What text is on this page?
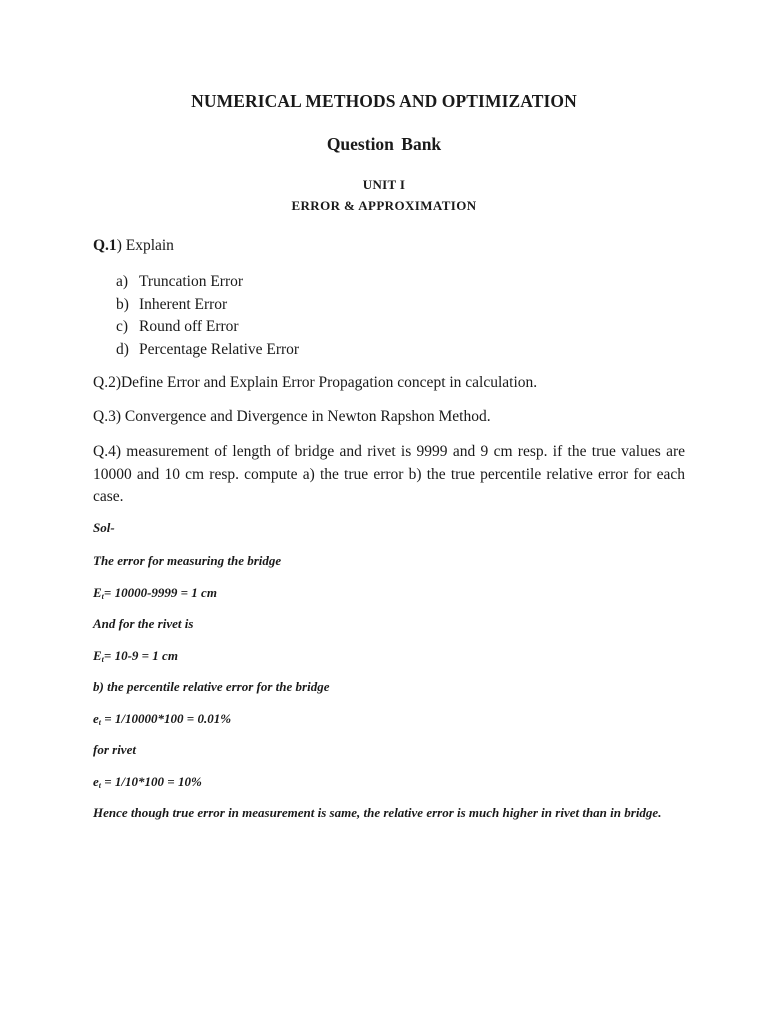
NUMERICAL METHODS AND OPTIMIZATION
Question Bank
UNIT I
ERROR & APPROXIMATION
Q.1) Explain
a) Truncation Error
b) Inherent Error
c) Round off Error
d) Percentage Relative Error
Q.2)Define Error and Explain Error Propagation concept in calculation.
Q.3) Convergence and Divergence in Newton Rapshon Method.
Q.4) measurement of length of bridge and rivet is 9999 and 9 cm resp. if the true values are 10000 and 10 cm resp. compute a) the true error b) the true percentile relative error for each case.
Sol-
The error for measuring the bridge
$E_t= 10000-9999 = 1$ cm
And for the rivet is
$E_t= 10-9 = 1$ cm
b) the percentile relative error for the bridge
$e_t = 1/10000*100 = 0.01\%$
for rivet
$e_t = 1/10*100 = 10\%$
Hence though true error in measurement is same, the relative error is much higher in rivet than in bridge.
